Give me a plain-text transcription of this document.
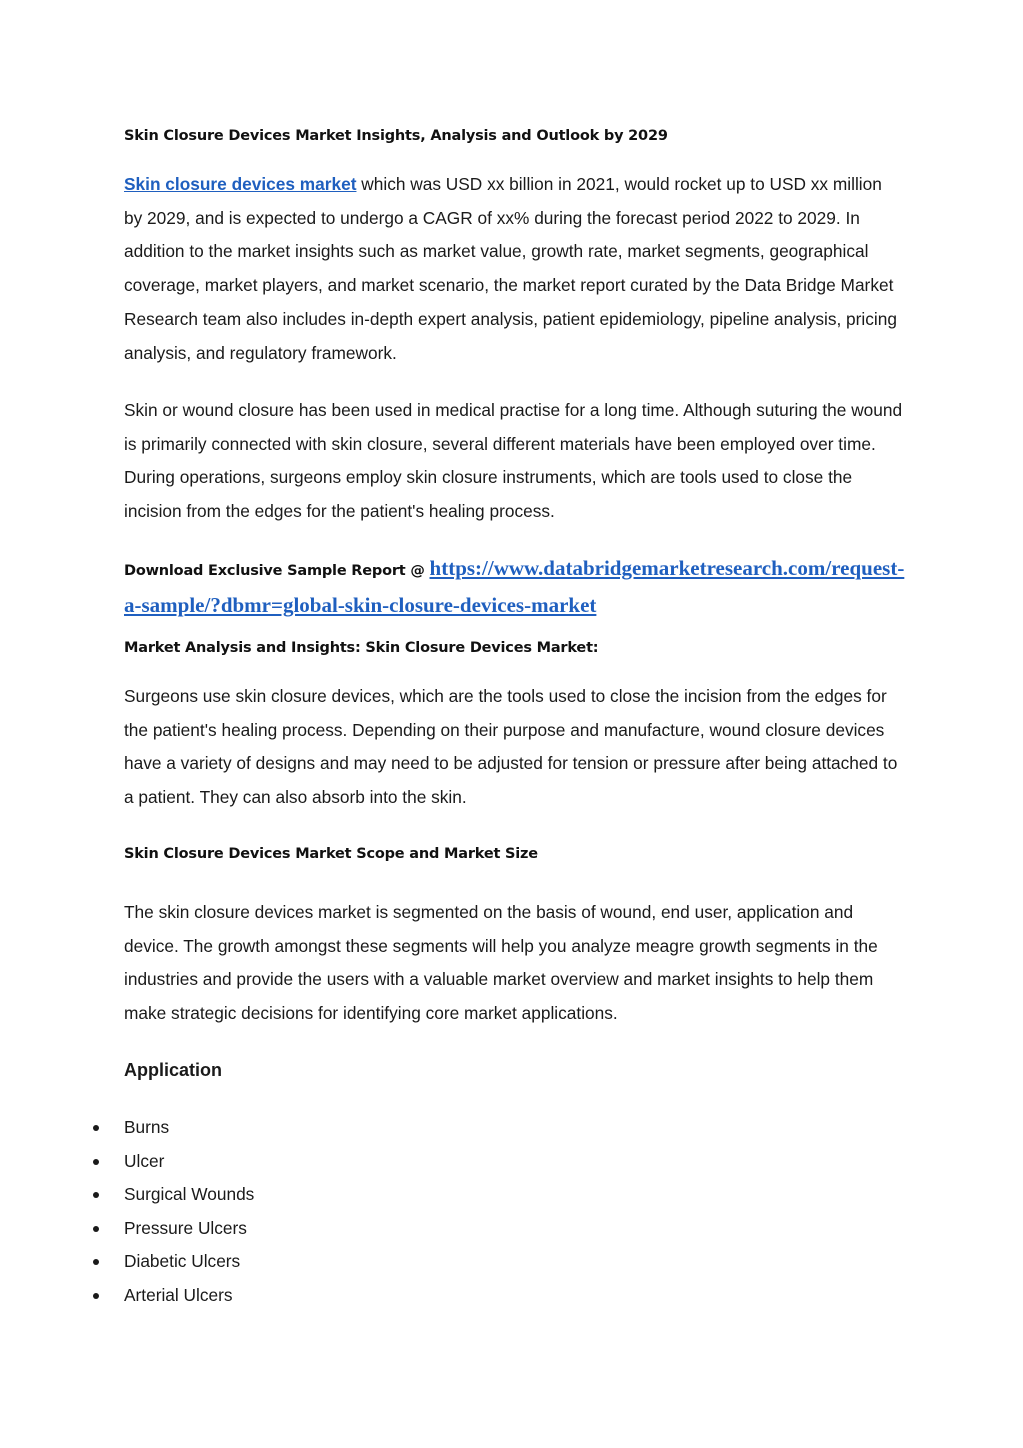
Skin Closure Devices Market Insights, Analysis and Outlook by 2029

Skin closure devices market which was USD xx billion in 2021, would rocket up to USD xx million by 2029, and is expected to undergo a CAGR of xx% during the forecast period 2022 to 2029. In addition to the market insights such as market value, growth rate, market segments, geographical coverage, market players, and market scenario, the market report curated by the Data Bridge Market Research team also includes in-depth expert analysis, patient epidemiology, pipeline analysis, pricing analysis, and regulatory framework.

Skin or wound closure has been used in medical practise for a long time. Although suturing the wound is primarily connected with skin closure, several different materials have been employed over time. During operations, surgeons employ skin closure instruments, which are tools used to close the incision from the edges for the patient's healing process.

Download Exclusive Sample Report @ https://www.databridgemarketresearch.com/request-a-sample/?dbmr=global-skin-closure-devices-market
Market Analysis and Insights: Skin Closure Devices Market:

Surgeons use skin closure devices, which are the tools used to close the incision from the edges for the patient's healing process. Depending on their purpose and manufacture, wound closure devices have a variety of designs and may need to be adjusted for tension or pressure after being attached to a patient. They can also absorb into the skin.

Skin Closure Devices Market Scope and Market Size

The skin closure devices market is segmented on the basis of wound, end user, application and device. The growth amongst these segments will help you analyze meagre growth segments in the industries and provide the users with a valuable market overview and market insights to help them make strategic decisions for identifying core market applications.

Application
Burns
Ulcer
Surgical Wounds
Pressure Ulcers
Diabetic Ulcers
Arterial Ulcers
